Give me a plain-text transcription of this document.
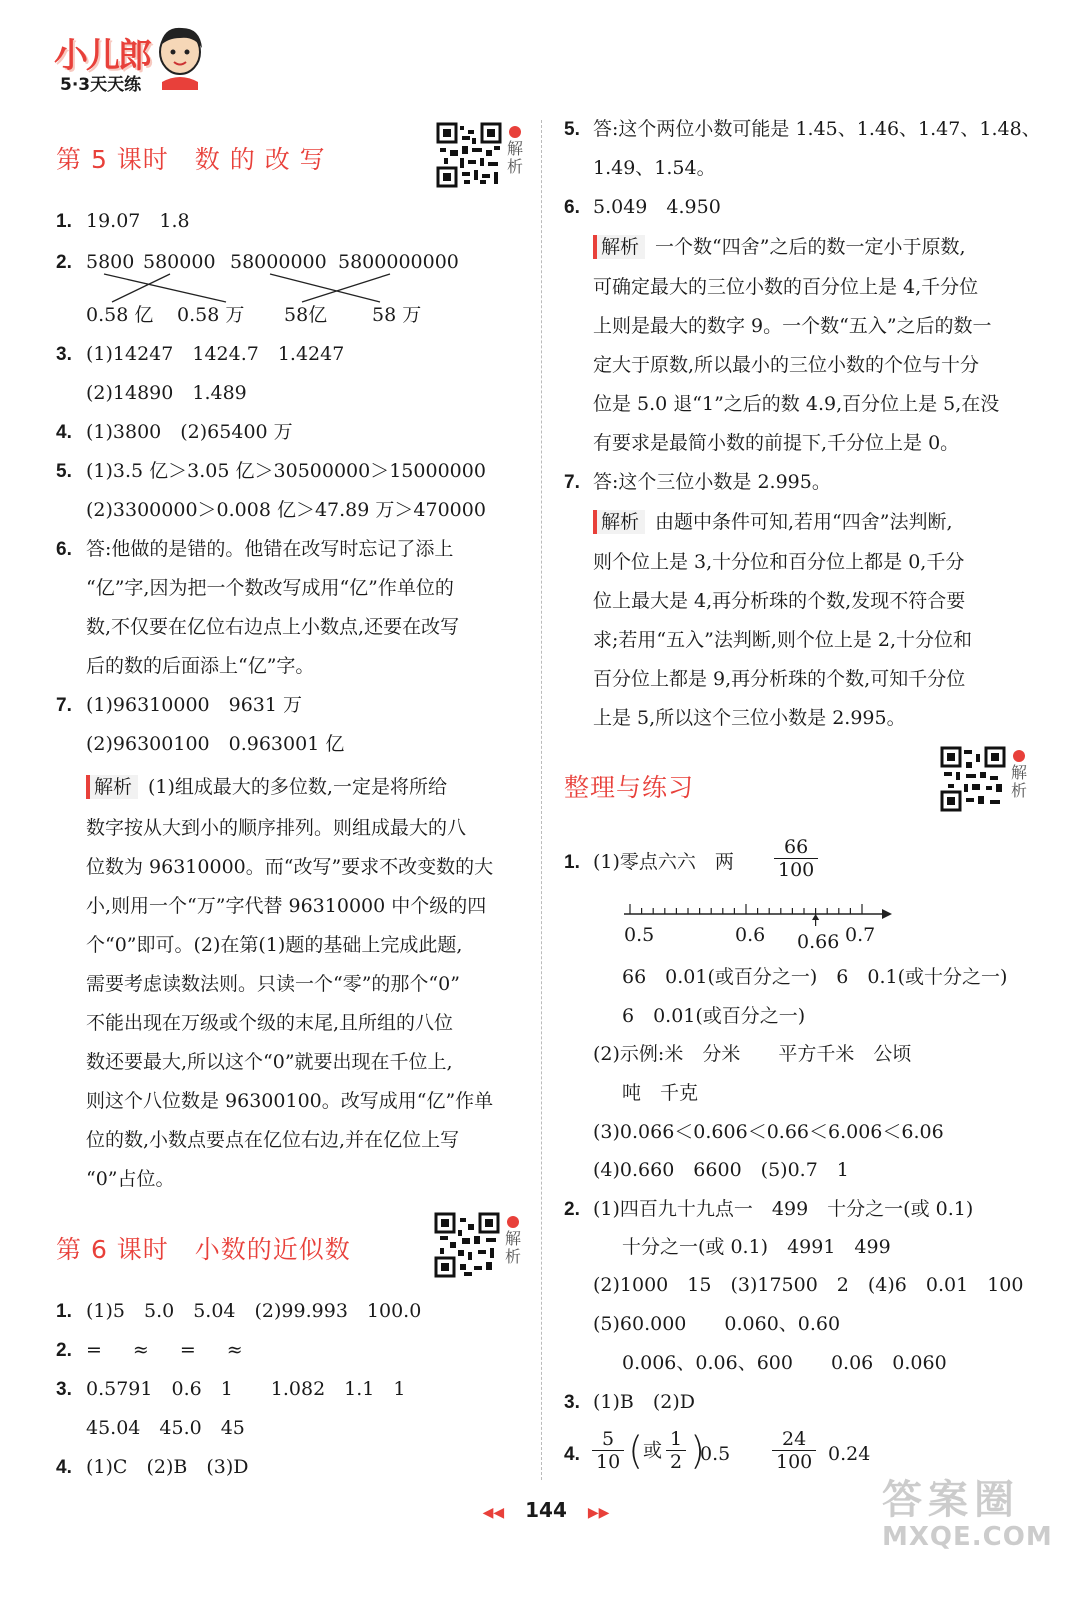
小儿郎
5·3天天练
第 5 课时　数 的 改 写	解
析
1. 19.07　1.8
2. 5800 580000 58000000 5800000000
0.58 亿 0.58 万 58亿 58 万
3. (1)14247　1424.7　1.4247
(2)14890　1.489
4. (1)3800　(2)65400 万
5. (1)3.5 亿＞3.05 亿＞30500000＞15000000
(2)3300000＞0.008 亿＞47.89 万＞470000
6. 答:他做的是错的。他错在改写时忘记了添上
“亿”字,因为把一个数改写成用“亿”作单位的
数,不仅要在亿位右边点上小数点,还要在改写
后的数的后面添上“亿”字。
7. (1)96310000　9631 万
(2)96300100　0.963001 亿
解析 (1)组成最大的多位数,一定是将所给
数字按从大到小的顺序排列。则组成最大的八
位数为 96310000。而“改写”要求不改变数的大
小,则用一个“万”字代替 96310000 中个级的四
个“0”即可。(2)在第(1)题的基础上完成此题,
需要考虑读数法则。只读一个“零”的那个“0”
不能出现在万级或个级的末尾,且所组的八位
数还要最大,所以这个“0”就要出现在千位上,
则这个八位数是 96300100。改写成用“亿”作单
位的数,小数点要点在亿位右边,并在亿位上写
“0”占位。
第 6 课时　小数的近似数	解
析
1. (1)5　5.0　5.04　(2)99.993　100.0
2. =　≈　=　≈
3. 0.5791　0.6　1　　1.082　1.1　1
45.04　45.0　45
4. (1)C　(2)B　(3)D
5. 答:这个两位小数可能是 1.45、1.46、1.47、1.48、
1.49、1.54。
6. 5.049　4.950
解析 一个数“四舍”之后的数一定小于原数,
可确定最大的三位小数的百分位上是 4,千分位
上则是最大的数字 9。一个数“五入”之后的数一
定大于原数,所以最小的三位小数的个位与十分
位是 5.0 退“1”之后的数 4.9,百分位上是 5,在没
有要求是最简小数的前提下,千分位上是 0。
7. 答:这个三位小数是 2.995。
解析 由题中条件可知,若用“四舍”法判断,
则个位上是 3,十分位和百分位上都是 0,千分
位上最大是 4,再分析珠的个数,发现不符合要
求;若用“五入”法判断,则个位上是 2,十分位和
百分位上都是 9,再分析珠的个数,可知千分位
上是 5,所以这个三位小数是 2.995。
整理与练习
解
析
1. (1)零点六六　两 $\frac{66}{100}$
0.5	0.6 0.66 0.7
66　0.01(或百分之一)　6　0.1(或十分之一)
6　0.01(或百分之一)
(2)示例:米　分米　　平方千米　公顷
吨　千克
(3)0.066＜0.606＜0.66＜6.006＜6.06
(4)0.660　6600　(5)0.7　1
2. (1)四百九十九点一　499　十分之一(或 0.1)
十分之一(或 0.1)　4991　499
(2)1000　15　(3)17500　2　(4)6　0.01　100
(5)60.000　　0.060、0.60
0.006、0.06、600　　0.06　0.060
3. (1)B　(2)D
4. $\frac{5}{10}$ (或 $\frac{1}{2}$ )
$0.5 \frac{24}{100} 0.24$
◀◀ 144 ▶▶	答案圈
MXQE.COM
